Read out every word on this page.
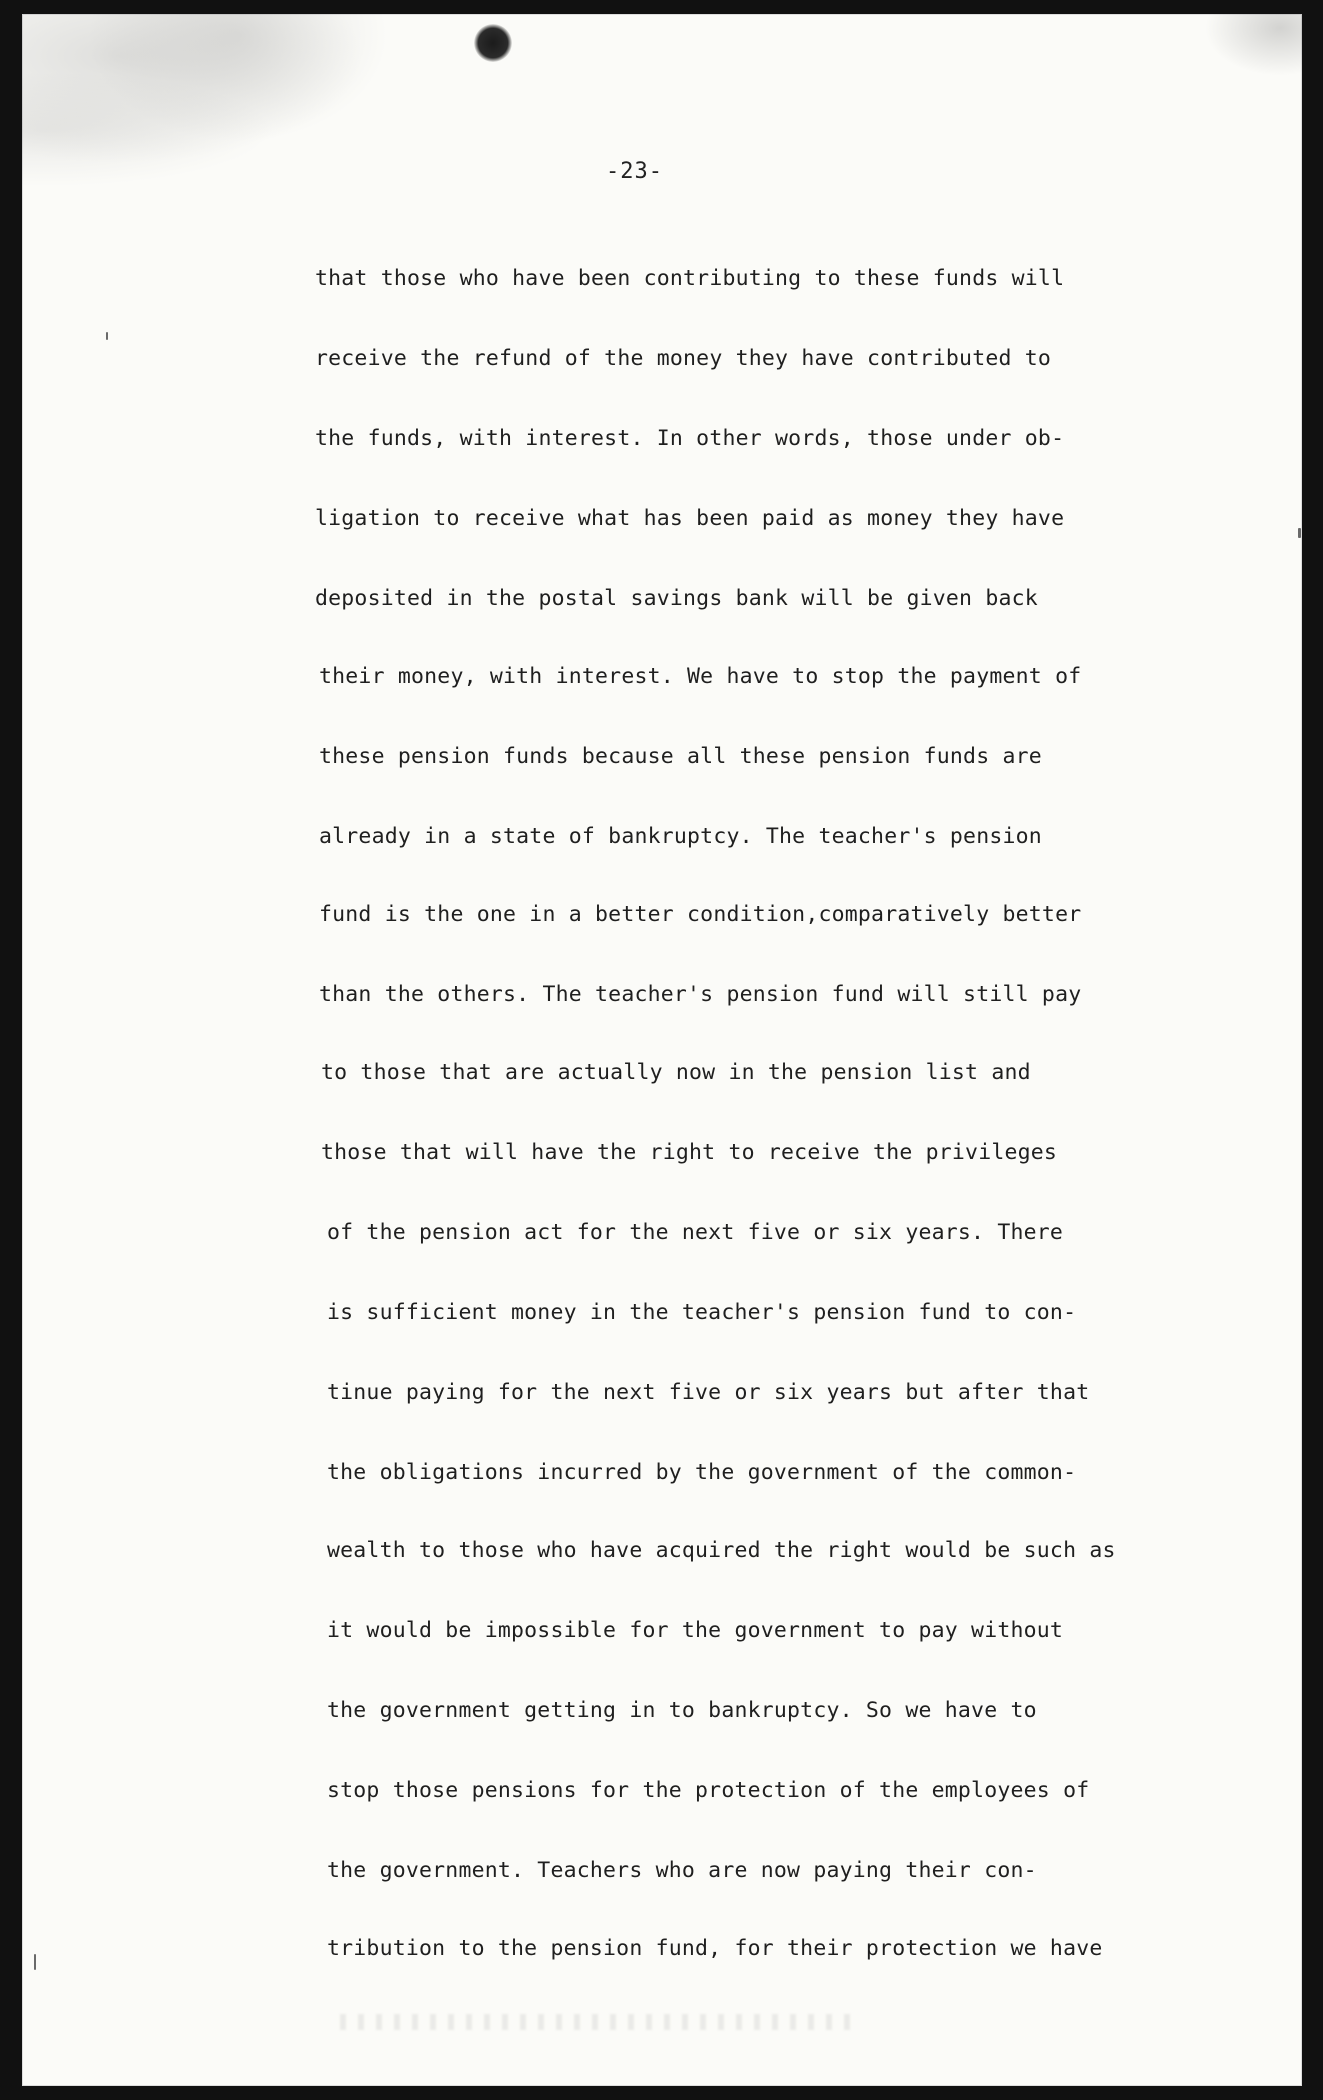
-23-
that those who have been contributing to these funds will
receive the refund of the money they have contributed to
the funds, with interest. In other words, those under ob-
ligation to receive what has been paid as money they have
deposited in the postal savings bank will be given back
their money, with interest. We have to stop the payment of
these pension funds because all these pension funds are
already in a state of bankruptcy. The teacher's pension
fund is the one in a better condition,comparatively better
than the others. The teacher's pension fund will still pay
to those that are actually now in the pension list and
those that will have the right to receive the privileges
of the pension act for the next five or six years. There
is sufficient money in the teacher's pension fund to con-
tinue paying for the next five or six years but after that
the obligations incurred by the government of the common-
wealth to those who have acquired the right would be such as
it would be impossible for the government to pay without
the government getting in to bankruptcy. So we have to
stop those pensions for the protection of the employees of
the government. Teachers who are now paying their con-
tribution to the pension fund, for their protection we have
